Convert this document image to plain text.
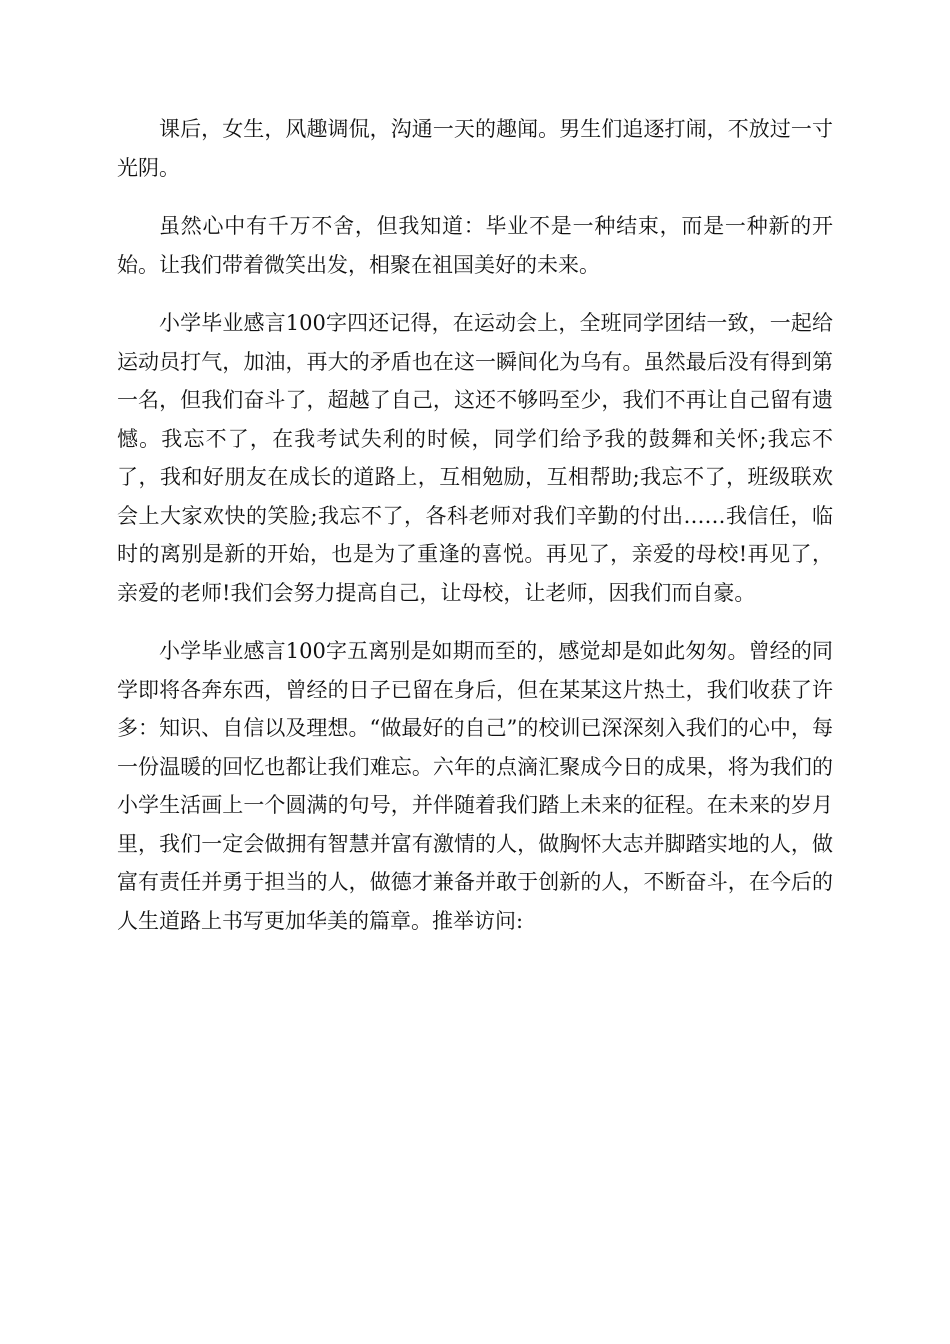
课后，女生，风趣调侃，沟通一天的趣闻。男生们追逐打闹，不放过一寸光阴。

虽然心中有千万不舍，但我知道：毕业不是一种结束，而是一种新的开始。让我们带着微笑出发，相聚在祖国美好的未来。

小学毕业感言100字四还记得，在运动会上，全班同学团结一致，一起给运动员打气，加油，再大的矛盾也在这一瞬间化为乌有。虽然最后没有得到第一名，但我们奋斗了，超越了自己，这还不够吗至少，我们不再让自己留有遗憾。我忘不了，在我考试失利的时候，同学们给予我的鼓舞和关怀;我忘不了，我和好朋友在成长的道路上，互相勉励，互相帮助;我忘不了，班级联欢会上大家欢快的笑脸;我忘不了，各科老师对我们辛勤的付出……我信任，临时的离别是新的开始，也是为了重逢的喜悦。再见了，亲爱的母校!再见了，亲爱的老师!我们会努力提高自己，让母校，让老师，因我们而自豪。

小学毕业感言100字五离别是如期而至的，感觉却是如此匆匆。曾经的同学即将各奔东西，曾经的日子已留在身后，但在某某这片热土，我们收获了许多：知识、自信以及理想。“做最好的自己”的校训已深深刻入我们的心中，每一份温暖的回忆也都让我们难忘。六年的点滴汇聚成今日的成果，将为我们的小学生活画上一个圆满的句号，并伴随着我们踏上未来的征程。在未来的岁月里，我们一定会做拥有智慧并富有激情的人，做胸怀大志并脚踏实地的人，做富有责任并勇于担当的人，做德才兼备并敢于创新的人，不断奋斗，在今后的人生道路上书写更加华美的篇章。推举访问:
